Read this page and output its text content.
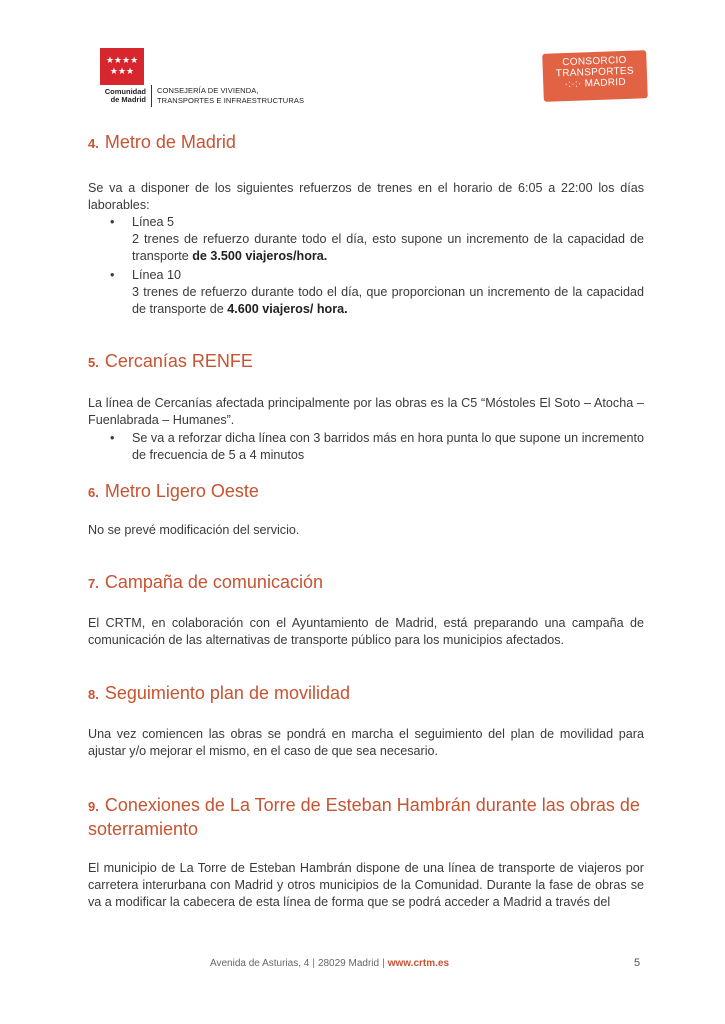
★★★★
★★★
Comunidad
de Madrid
CONSEJERÍA DE VIVIENDA,
TRANSPORTES E INFRAESTRUCTURAS
CONSORCIO
TRANSPORTES
·:·:· MADRID
4. Metro de Madrid
Se va a disponer de los siguientes refuerzos de trenes en el horario de 6:05 a 22:00 los días laborables:
• Línea 5
2 trenes de refuerzo durante todo el día, esto supone un incremento de la capacidad de transporte de 3.500 viajeros/hora.
• Línea 10
3 trenes de refuerzo durante todo el día, que proporcionan un incremento de la capacidad de transporte de 4.600 viajeros/ hora.
5. Cercanías RENFE
La línea de Cercanías afectada principalmente por las obras es la C5 “Móstoles El Soto – Atocha – Fuenlabrada – Humanes”.
• Se va a reforzar dicha línea con 3 barridos más en hora punta lo que supone un incremento de frecuencia de 5 a 4 minutos
6. Metro Ligero Oeste
No se prevé modificación del servicio.
7. Campaña de comunicación
El CRTM, en colaboración con el Ayuntamiento de Madrid, está preparando una campaña de comunicación de las alternativas de transporte público para los municipios afectados.
8. Seguimiento plan de movilidad
Una vez comiencen las obras se pondrá en marcha el seguimiento del plan de movilidad para ajustar y/o mejorar el mismo, en el caso de que sea necesario.
9. Conexiones de La Torre de Esteban Hambrán durante las obras de
soterramiento
El municipio de La Torre de Esteban Hambrán dispone de una línea de transporte de viajeros por carretera interurbana con Madrid y otros municipios de la Comunidad. Durante la fase de obras se va a modificar la cabecera de esta línea de forma que se podrá acceder a Madrid a través del
Avenida de Asturias, 4 | 28029 Madrid | www.crtm.es	5
